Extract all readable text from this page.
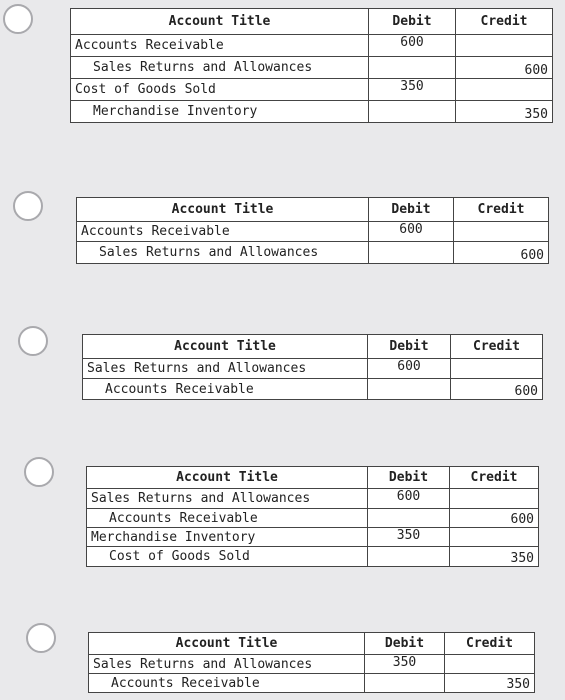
Account Title	Debit	Credit
Accounts Receivable	600	
Sales Returns and Allowances		600
Cost of Goods Sold	350	
Merchandise Inventory		350
Account Title	Debit	Credit
Accounts Receivable	600	
Sales Returns and Allowances		600
Account Title	Debit	Credit
Sales Returns and Allowances	600	
Accounts Receivable		600
Account Title	Debit	Credit
Sales Returns and Allowances	600	
Accounts Receivable		600
Merchandise Inventory	350	
Cost of Goods Sold		350
Account Title	Debit	Credit
Sales Returns and Allowances	350	
Accounts Receivable		350
